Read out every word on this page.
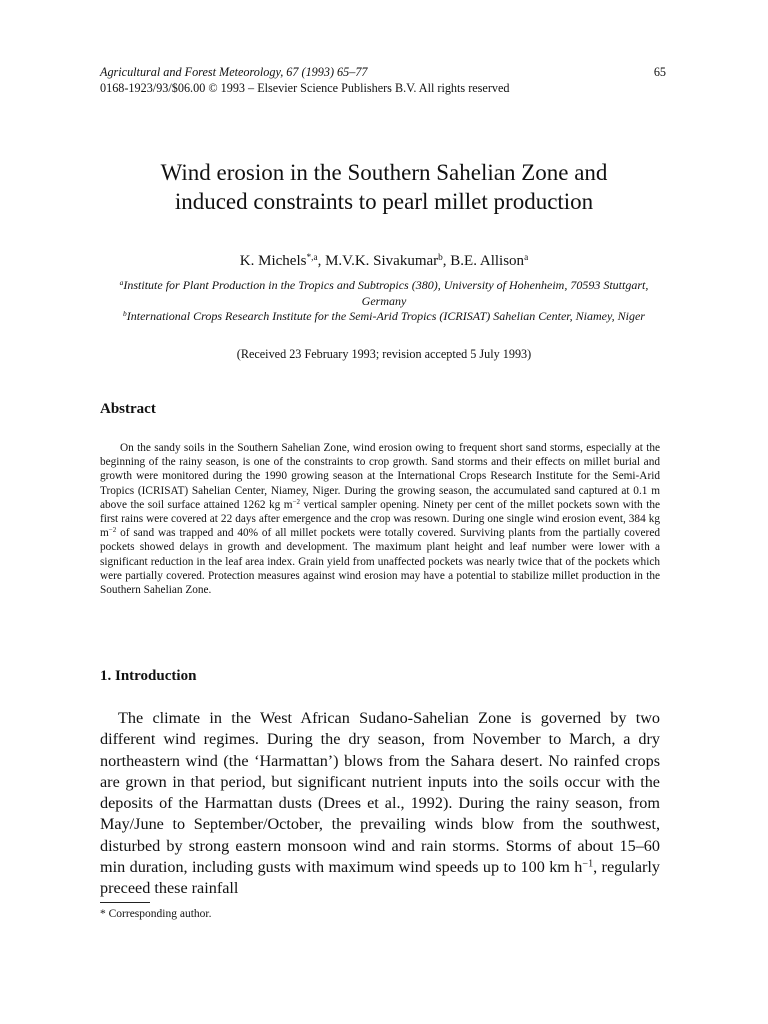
Agricultural and Forest Meteorology, 67 (1993) 65–77	65
0168-1923/93/$06.00 © 1993 – Elsevier Science Publishers B.V. All rights reserved
Wind erosion in the Southern Sahelian Zone and
induced constraints to pearl millet production
K. Michels$^{*,a}$, M.V.K. Sivakumar$^b$, B.E. Allison$^a$
$^a$Institute for Plant Production in the Tropics and Subtropics (380), University of Hohenheim, 70593 Stuttgart, Germany
$^b$International Crops Research Institute for the Semi-Arid Tropics (ICRISAT) Sahelian Center, Niamey, Niger
(Received 23 February 1993; revision accepted 5 July 1993)
Abstract
On the sandy soils in the Southern Sahelian Zone, wind erosion owing to frequent short sand storms, especially at the beginning of the rainy season, is one of the constraints to crop growth. Sand storms and their effects on millet burial and growth were monitored during the 1990 growing season at the International Crops Research Institute for the Semi-Arid Tropics (ICRISAT) Sahelian Center, Niamey, Niger. During the growing season, the accumulated sand captured at 0.1 m above the soil surface attained 1262 kg $m^{-2}$ vertical sampler opening. Ninety per cent of the millet pockets sown with the first rains were covered at 22 days after emergence and the crop was resown. During one single wind erosion event, 384 kg $m^{-2}$ of sand was trapped and 40% of all millet pockets were totally covered. Surviving plants from the partially covered pockets showed delays in growth and development. The maximum plant height and leaf number were lower with a significant reduction in the leaf area index. Grain yield from unaffected pockets was nearly twice that of the pockets which were partially covered. Protection measures against wind erosion may have a potential to stabilize millet production in the Southern Sahelian Zone.
1. Introduction
The climate in the West African Sudano-Sahelian Zone is governed by two different wind regimes. During the dry season, from November to March, a dry northeastern wind (the ‘Harmattan’) blows from the Sahara desert. No rainfed crops are grown in that period, but significant nutrient inputs into the soils occur with the deposits of the Harmattan dusts (Drees et al., 1992). During the rainy season, from May/June to September/October, the prevailing winds blow from the southwest, disturbed by strong eastern monsoon wind and rain storms. Storms of about 15–60 min duration, including gusts with maximum wind speeds up to 100 km $h^{-1}$, regularly preceed these rainfall
* Corresponding author.
